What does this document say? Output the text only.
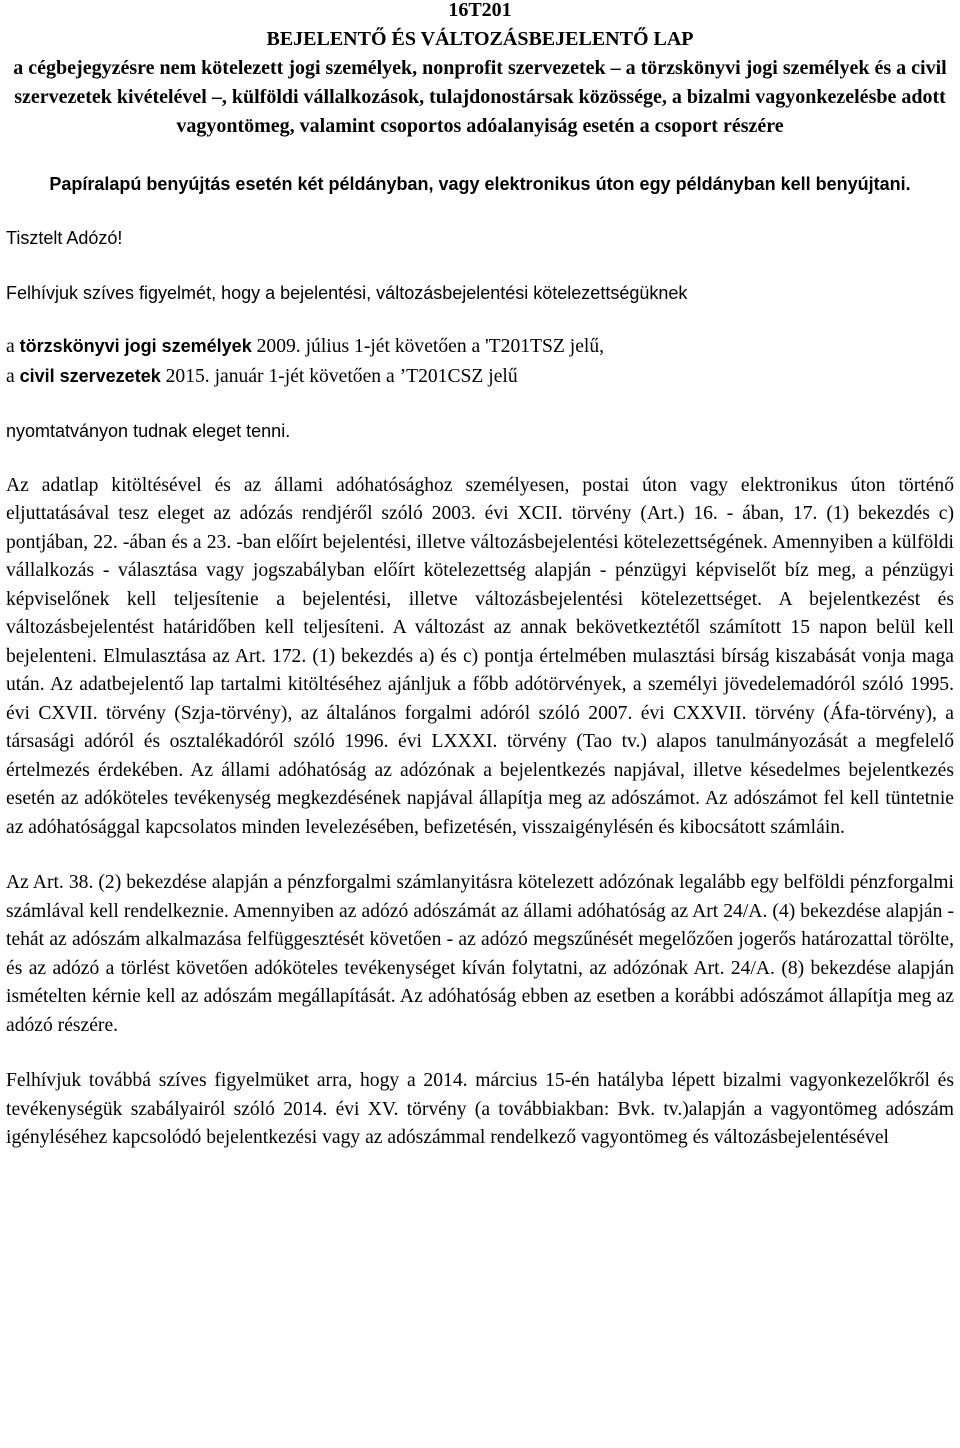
16T201

BEJELENTŐ ÉS VÁLTOZÁSBEJELENTŐ LAP

a cégbejegyzésre nem kötelezett jogi személyek, nonprofit szervezetek – a törzskönyvi jogi személyek és a civil szervezetek kivételével –, külföldi vállalkozások, tulajdonostársak közössége, a bizalmi vagyonkezelésbe adott vagyontömeg, valamint csoportos adóalanyiság esetén a csoport részére

Papíralapú benyújtás esetén két példányban, vagy elektronikus úton egy példányban kell benyújtani.

Tisztelt Adózó!

Felhívjuk szíves figyelmét, hogy a bejelentési, változásbejelentési kötelezettségüknek

a törzskönyvi jogi személyek 2009. július 1-jét követően a 'T201TSZ jelű,

a civil szervezetek 2015. január 1-jét követően a ’T201CSZ jelű

nyomtatványon tudnak eleget tenni.

Az adatlap kitöltésével és az állami adóhatósághoz személyesen, postai úton vagy elektronikus úton történő eljuttatásával tesz eleget az adózás rendjéről szóló 2003. évi XCII. törvény (Art.) 16. - ában, 17. (1) bekezdés c) pontjában, 22. -ában és a 23. -ban előírt bejelentési, illetve változásbejelentési kötelezettségének. Amennyiben a külföldi vállalkozás - választása vagy jogszabályban előírt kötelezettség alapján - pénzügyi képviselőt bíz meg, a pénzügyi képviselőnek kell teljesítenie a bejelentési, illetve változásbejelentési kötelezettséget. A bejelentkezést és változásbejelentést határidőben kell teljesíteni. A változást az annak bekövetkeztétől számított 15 napon belül kell bejelenteni. Elmulasztása az Art. 172. (1) bekezdés a) és c) pontja értelmében mulasztási bírság kiszabását vonja maga után. Az adatbejelentő lap tartalmi kitöltéséhez ajánljuk a főbb adótörvények, a személyi jövedelemadóról szóló 1995. évi CXVII. törvény (Szja-törvény), az általános forgalmi adóról szóló 2007. évi CXXVII. törvény (Áfa-törvény), a társasági adóról és osztalékadóról szóló 1996. évi LXXXI. törvény (Tao tv.) alapos tanulmányozását a megfelelő értelmezés érdekében. Az állami adóhatóság az adózónak a bejelentkezés napjával, illetve késedelmes bejelentkezés esetén az adóköteles tevékenység megkezdésének napjával állapítja meg az adószámot. Az adószámot fel kell tüntetnie az adóhatósággal kapcsolatos minden levelezésében, befizetésén, visszaigénylésén és kibocsátott számláin.

Az Art. 38. (2) bekezdése alapján a pénzforgalmi számlanyitásra kötelezett adózónak legalább egy belföldi pénzforgalmi számlával kell rendelkeznie. Amennyiben az adózó adószámát az állami adóhatóság az Art 24/A. (4) bekezdése alapján - tehát az adószám alkalmazása felfüggesztését követően - az adózó megszűnését megelőzően jogerős határozattal törölte, és az adózó a törlést követően adóköteles tevékenységet kíván folytatni, az adózónak Art. 24/A. (8) bekezdése alapján ismételten kérnie kell az adószám megállapítását. Az adóhatóság ebben az esetben a korábbi adószámot állapítja meg az adózó részére.

Felhívjuk továbbá szíves figyelmüket arra, hogy a 2014. március 15-én hatályba lépett bizalmi vagyonkezelőkről és tevékenységük szabályairól szóló 2014. évi XV. törvény (a továbbiakban: Bvk. tv.)alapján a vagyontömeg adószám igényléséhez kapcsolódó bejelentkezési vagy az adószámmal rendelkező vagyontömeg és változásbejelentésével
